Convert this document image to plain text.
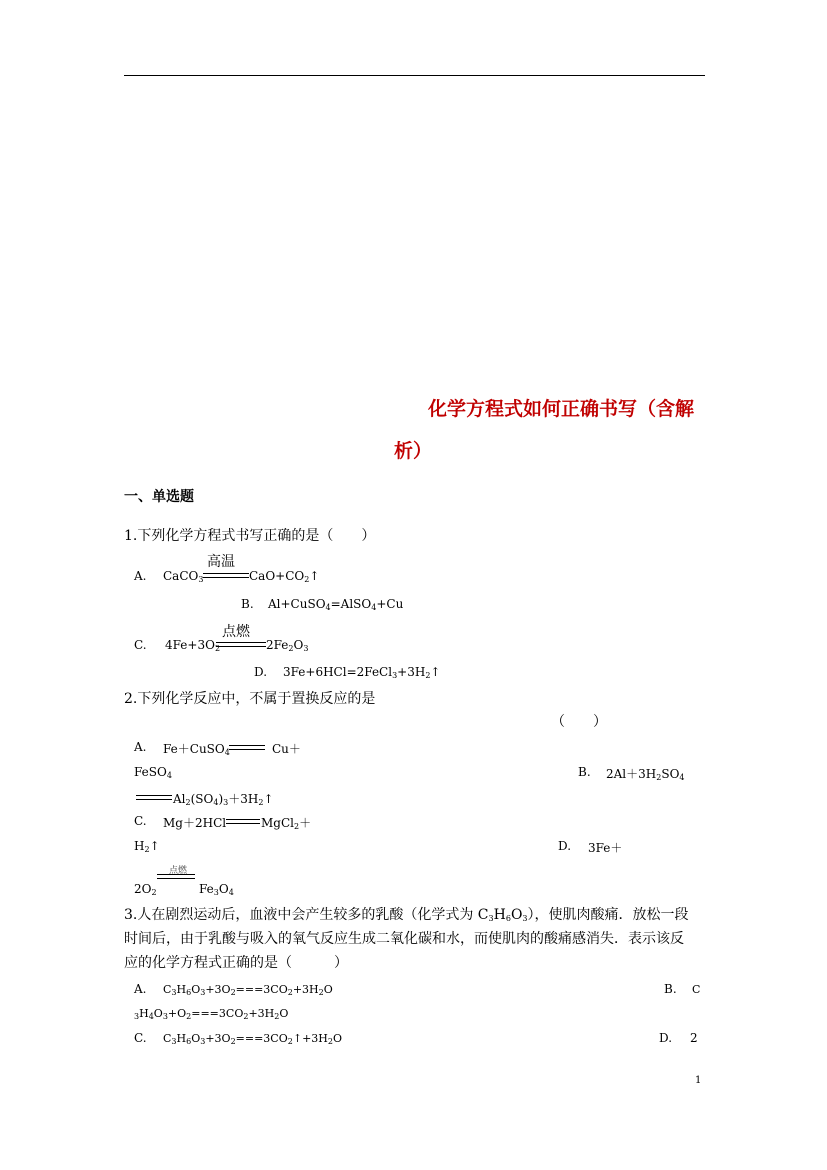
化学方程式如何正确书写（含解
析）
一、单选题
1.下列化学方程式书写正确的是（　　）
A. CaCO$_3$
高温
$CaO+CO_2↑$
B. Al+CuSO$_4$=AlSO$_4$+Cu
C. $4Fe+3O_2$
点燃
$2Fe_2O_3$
D. $3Fe+6HCl=2FeCl_3+3H_2↑$
2.下列化学反应中，不属于置换反应的是
（　　）
A. Fe＋CuSO$_4$	Cu＋
FeSO$_4$	B. $2Al+3H_2SO_4$
$Al_2(SO_4)_3+3H_2↑$
C. Mg＋2HCl	MgCl$_2$＋
$H_2↑$	D. 3Fe＋
$2O_2$
点燃
$Fe_3O_4$
3.人在剧烈运动后，血液中会产生较多的乳酸（化学式为 $C_3H_6O_3$），使肌肉酸痛．放松一段
时间后，由于乳酸与吸入的氧气反应生成二氧化碳和水，而使肌肉的酸痛感消失．表示该反
应的化学方程式正确的是（　　　）
A. $C_3H_6O_3+3O_2===3CO_2+3H_2O$	B. C
$_3H_4O_3+O_2===3CO_2+3H_2O$
C. $C_3H_6O_3+3O_2===3CO_2↑+3H_2O$	D. 2
1
